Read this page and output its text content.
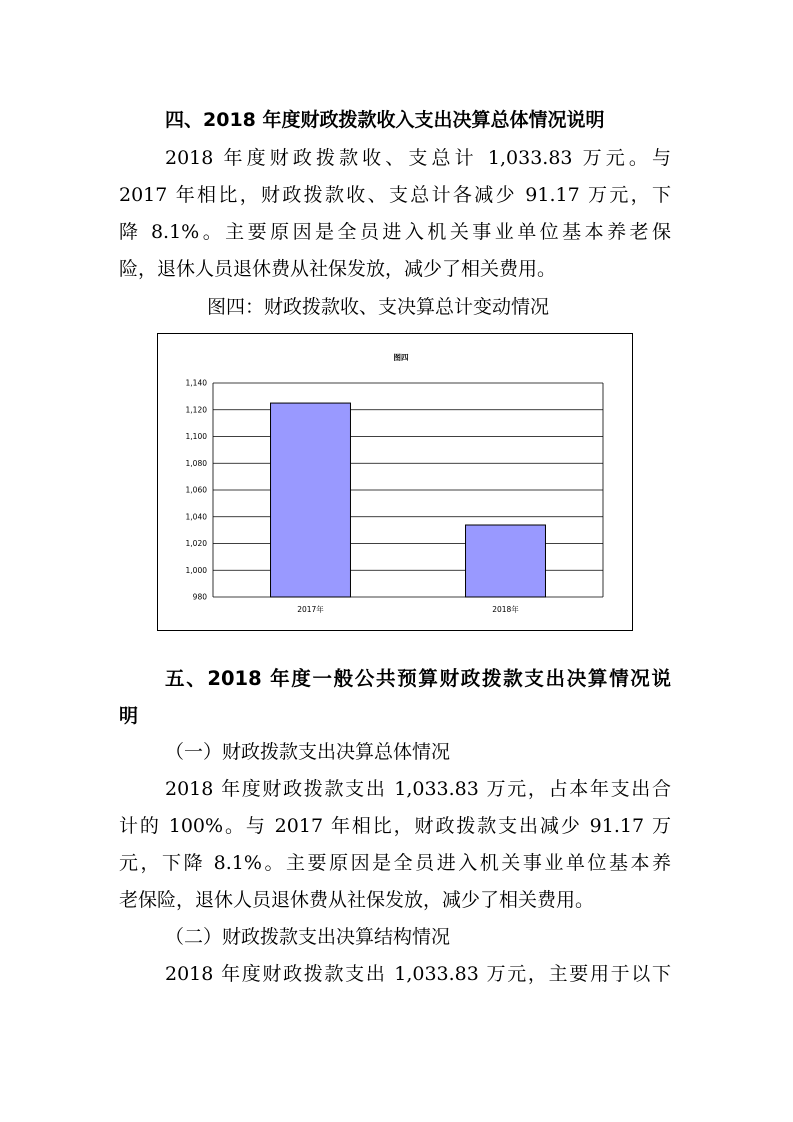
四、2018 年度财政拨款收入支出决算总体情况说明
2018 年度财政拨款收、支总计 1,033.83 万元。与
2017 年相比，财政拨款收、支总计各减少 91.17 万元，下
降 8.1%。主要原因是全员进入机关事业单位基本养老保
险，退休人员退休费从社保发放，减少了相关费用。
图四：财政拨款收、支决算总计变动情况
图四
980
1,000
1,020
1,040
1,060
1,080
1,100
1,120
1,140
2017年	2018年
五、2018 年度一般公共预算财政拨款支出决算情况说
明
（一）财政拨款支出决算总体情况
2018 年度财政拨款支出 1,033.83 万元，占本年支出合
计的 100%。与 2017 年相比，财政拨款支出减少 91.17 万
元，下降 8.1%。主要原因是全员进入机关事业单位基本养
老保险，退休人员退休费从社保发放，减少了相关费用。
（二）财政拨款支出决算结构情况
2018 年度财政拨款支出 1,033.83 万元，主要用于以下
